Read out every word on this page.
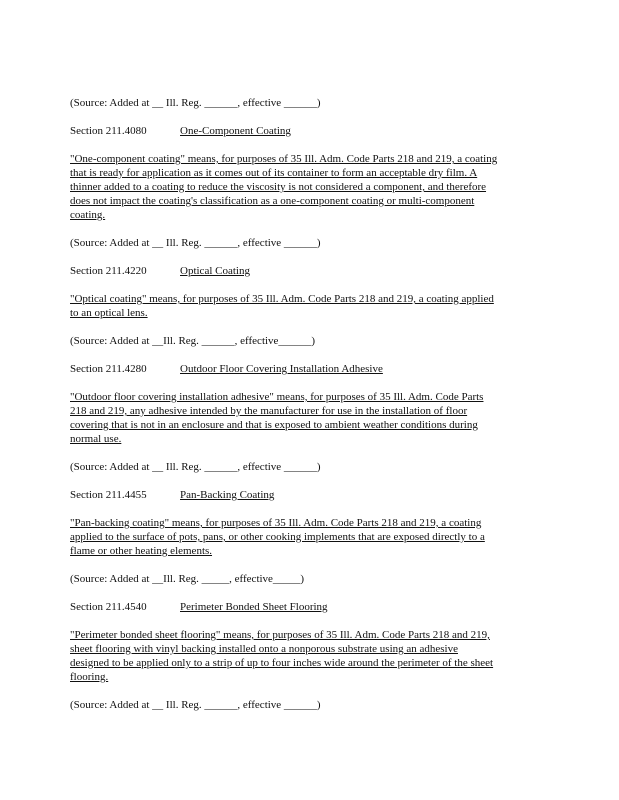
(Source: Added at __ Ill. Reg. ______, effective ______)
Section 211.4080	One-Component Coating
"One-component coating" means, for purposes of 35 Ill. Adm. Code Parts 218 and 219, a coating
that is ready for application as it comes out of its container to form an acceptable dry film. A
thinner added to a coating to reduce the viscosity is not considered a component, and therefore
does not impact the coating's classification as a one-component coating or multi-component
coating.
(Source: Added at __ Ill. Reg. ______, effective ______)
Section 211.4220	Optical Coating
"Optical coating" means, for purposes of 35 Ill. Adm. Code Parts 218 and 219, a coating applied
to an optical lens.
(Source: Added at __Ill. Reg. ______, effective______)
Section 211.4280	Outdoor Floor Covering Installation Adhesive
"Outdoor floor covering installation adhesive" means, for purposes of 35 Ill. Adm. Code Parts
218 and 219, any adhesive intended by the manufacturer for use in the installation of floor
covering that is not in an enclosure and that is exposed to ambient weather conditions during
normal use.
(Source: Added at __ Ill. Reg. ______, effective ______)
Section 211.4455	Pan-Backing Coating
"Pan-backing coating" means, for purposes of 35 Ill. Adm. Code Parts 218 and 219, a coating
applied to the surface of pots, pans, or other cooking implements that are exposed directly to a
flame or other heating elements.
(Source: Added at __Ill. Reg. _____, effective_____)
Section 211.4540	Perimeter Bonded Sheet Flooring
"Perimeter bonded sheet flooring" means, for purposes of 35 Ill. Adm. Code Parts 218 and 219,
sheet flooring with vinyl backing installed onto a nonporous substrate using an adhesive
designed to be applied only to a strip of up to four inches wide around the perimeter of the sheet
flooring.
(Source: Added at __ Ill. Reg. ______, effective ______)
